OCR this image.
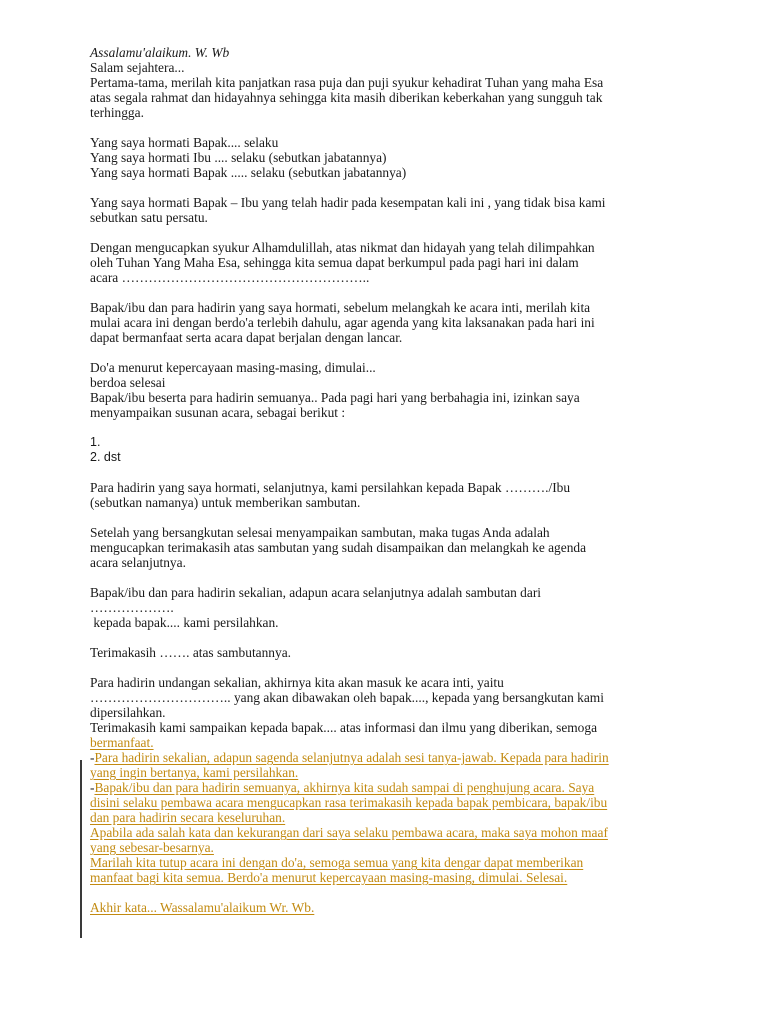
Assalamu'alaikum. W. Wb
Salam sejahtera...
Pertama-tama, merilah kita panjatkan rasa puja dan puji syukur kehadirat Tuhan yang maha Esa
atas segala rahmat dan hidayahnya sehingga kita masih diberikan keberkahan yang sungguh tak
terhingga.
Yang saya hormati Bapak.... selaku
Yang saya hormati Ibu .... selaku (sebutkan jabatannya)
Yang saya hormati Bapak ..... selaku (sebutkan jabatannya)
Yang saya hormati Bapak – Ibu yang telah hadir pada kesempatan kali ini , yang tidak bisa kami
sebutkan satu persatu.
Dengan mengucapkan syukur Alhamdulillah, atas nikmat dan hidayah yang telah dilimpahkan
oleh Tuhan Yang Maha Esa, sehingga kita semua dapat berkumpul pada pagi hari ini dalam
acara ………………………………………………..
Bapak/ibu dan para hadirin yang saya hormati, sebelum melangkah ke acara inti, merilah kita
mulai acara ini dengan berdo'a terlebih dahulu, agar agenda yang kita laksanakan pada hari ini
dapat bermanfaat serta acara dapat berjalan dengan lancar.
Do'a menurut kepercayaan masing-masing, dimulai...
berdoa selesai
Bapak/ibu beserta para hadirin semuanya.. Pada pagi hari yang berbahagia ini, izinkan saya
menyampaikan susunan acara, sebagai berikut :
1.
2. dst
Para hadirin yang saya hormati, selanjutnya, kami persilahkan kepada Bapak ………./Ibu
(sebutkan namanya) untuk memberikan sambutan.
Setelah yang bersangkutan selesai menyampaikan sambutan, maka tugas Anda adalah
mengucapkan terimakasih atas sambutan yang sudah disampaikan dan melangkah ke agenda
acara selanjutnya.
Bapak/ibu dan para hadirin sekalian, adapun acara selanjutnya adalah sambutan dari
……………….
kepada bapak.... kami persilahkan.
Terimakasih ……. atas sambutannya.
Para hadirin undangan sekalian, akhirnya kita akan masuk ke acara inti, yaitu
………………………….. yang akan dibawakan oleh bapak...., kepada yang bersangkutan kami
dipersilahkan.
Terimakasih kami sampaikan kepada bapak.... atas informasi dan ilmu yang diberikan, semoga
bermanfaat.
-Para hadirin sekalian, adapun sagenda selanjutnya adalah sesi tanya-jawab. Kepada para hadirin
yang ingin bertanya, kami persilahkan.
-Bapak/ibu dan para hadirin semuanya, akhirnya kita sudah sampai di penghujung acara. Saya
disini selaku pembawa acara mengucapkan rasa terimakasih kepada bapak pembicara, bapak/ibu
dan para hadirin secara keseluruhan.
Apabila ada salah kata dan kekurangan dari saya selaku pembawa acara, maka saya mohon maaf
yang sebesar-besarnya.
Marilah kita tutup acara ini dengan do'a, semoga semua yang kita dengar dapat memberikan
manfaat bagi kita semua. Berdo'a menurut kepercayaan masing-masing, dimulai. Selesai.
Akhir kata... Wassalamu'alaikum Wr. Wb.
